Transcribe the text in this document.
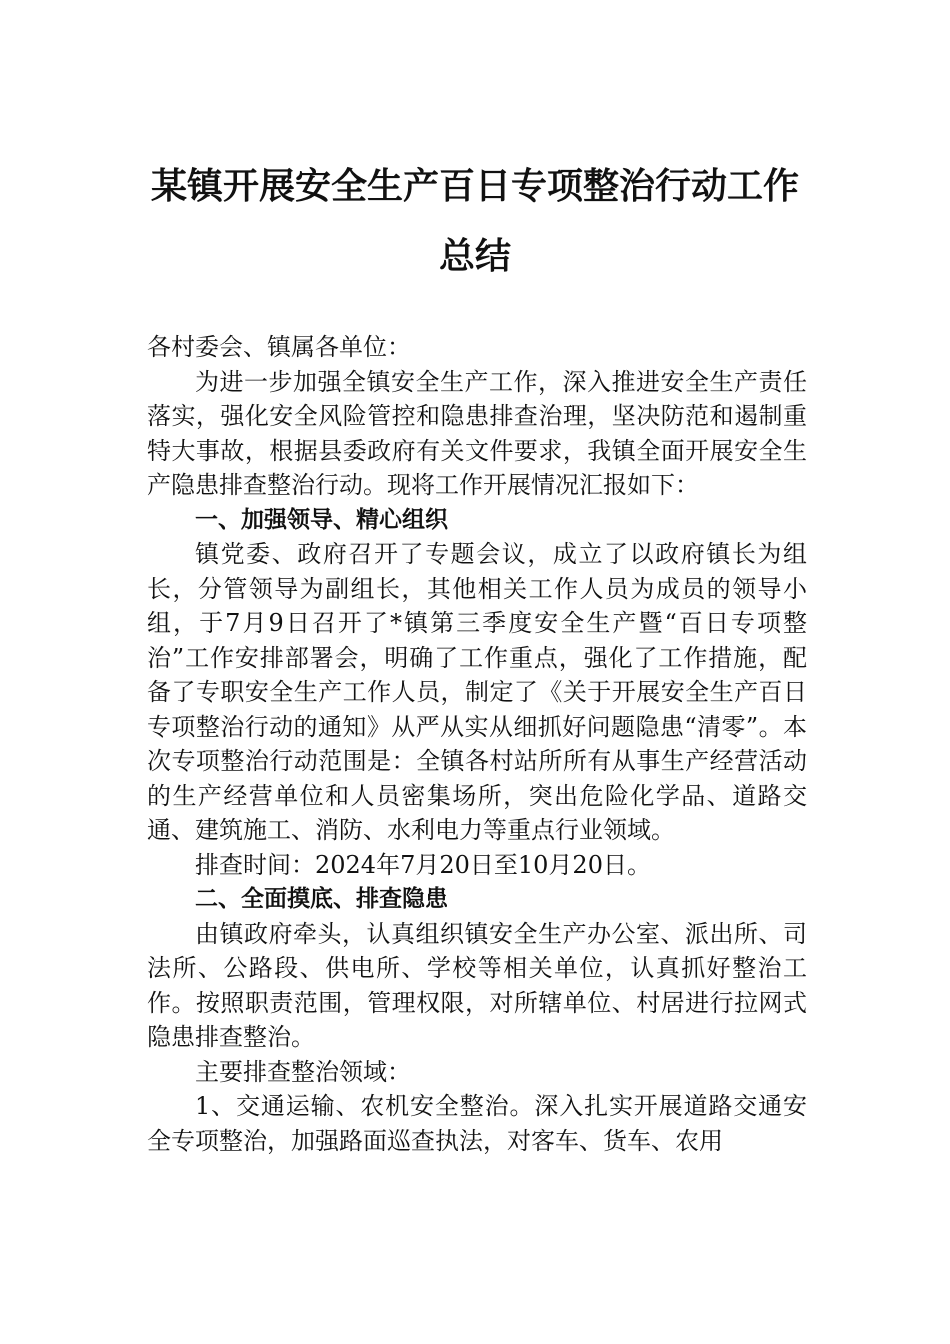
某镇开展安全生产百日专项整治行动工作
总结

各村委会、镇属各单位：

为进一步加强全镇安全生产工作，深入推进安全生产责任落实，强化安全风险管控和隐患排查治理，坚决防范和遏制重特大事故，根据县委政府有关文件要求，我镇全面开展安全生产隐患排查整治行动。现将工作开展情况汇报如下：

一、加强领导、精心组织

镇党委、政府召开了专题会议，成立了以政府镇长为组长，分管领导为副组长，其他相关工作人员为成员的领导小组，于7月9日召开了*镇第三季度安全生产暨“百日专项整治”工作安排部署会，明确了工作重点，强化了工作措施，配备了专职安全生产工作人员，制定了《关于开展安全生产百日专项整治行动的通知》从严从实从细抓好问题隐患“清零”。本次专项整治行动范围是：全镇各村站所所有从事生产经营活动的生产经营单位和人员密集场所，突出危险化学品、道路交通、建筑施工、消防、水利电力等重点行业领域。

排查时间：2024年7月20日至10月20日。

二、全面摸底、排查隐患

由镇政府牵头，认真组织镇安全生产办公室、派出所、司法所、公路段、供电所、学校等相关单位，认真抓好整治工作。按照职责范围，管理权限，对所辖单位、村居进行拉网式隐患排查整治。

主要排查整治领域：

1、交通运输、农机安全整治。深入扎实开展道路交通安全专项整治，加强路面巡查执法，对客车、货车、农用
